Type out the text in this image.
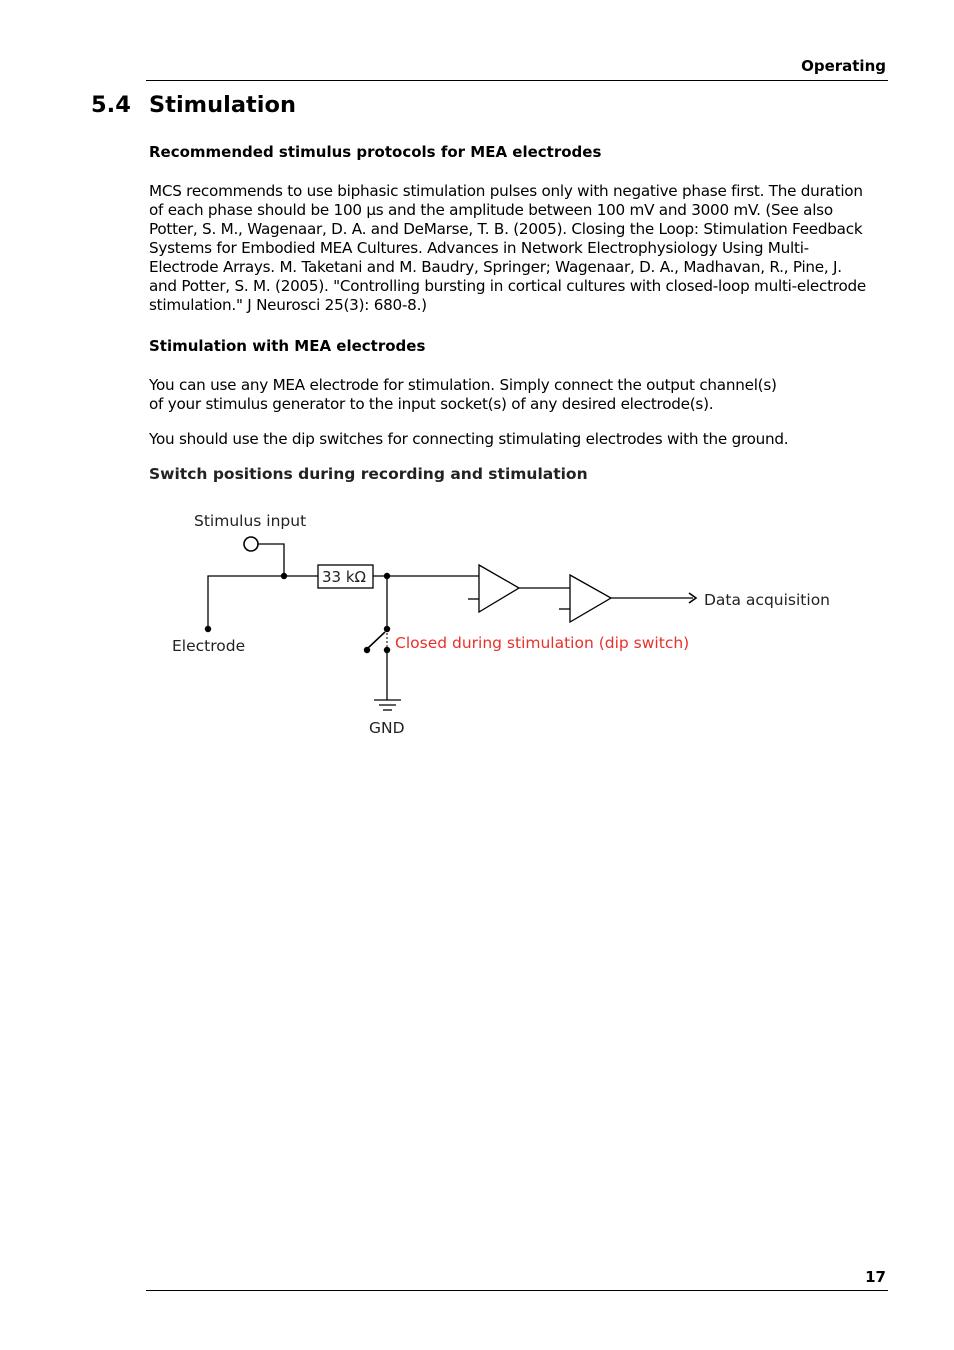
Operating
5.4 Stimulation
Recommended stimulus protocols for MEA electrodes
MCS recommends to use biphasic stimulation pulses only with negative phase first. The duration
of each phase should be 100 µs and the amplitude between 100 mV and 3000 mV. (See also
Potter, S. M., Wagenaar, D. A. and DeMarse, T. B. (2005). Closing the Loop: Stimulation Feedback
Systems for Embodied MEA Cultures. Advances in Network Electrophysiology Using Multi-
Electrode Arrays. M. Taketani and M. Baudry, Springer; Wagenaar, D. A., Madhavan, R., Pine, J.
and Potter, S. M. (2005). "Controlling bursting in cortical cultures with closed-loop multi-electrode
stimulation." J Neurosci 25(3): 680-8.)
Stimulation with MEA electrodes
You can use any MEA electrode for stimulation. Simply connect the output channel(s)
of your stimulus generator to the input socket(s) of any desired electrode(s).
You should use the dip switches for connecting stimulating electrodes with the ground.
Switch positions during recording and stimulation
Stimulus input
33 kΩ
Data acquisition
Electrode	Closed during stimulation (dip switch)
GND
17
